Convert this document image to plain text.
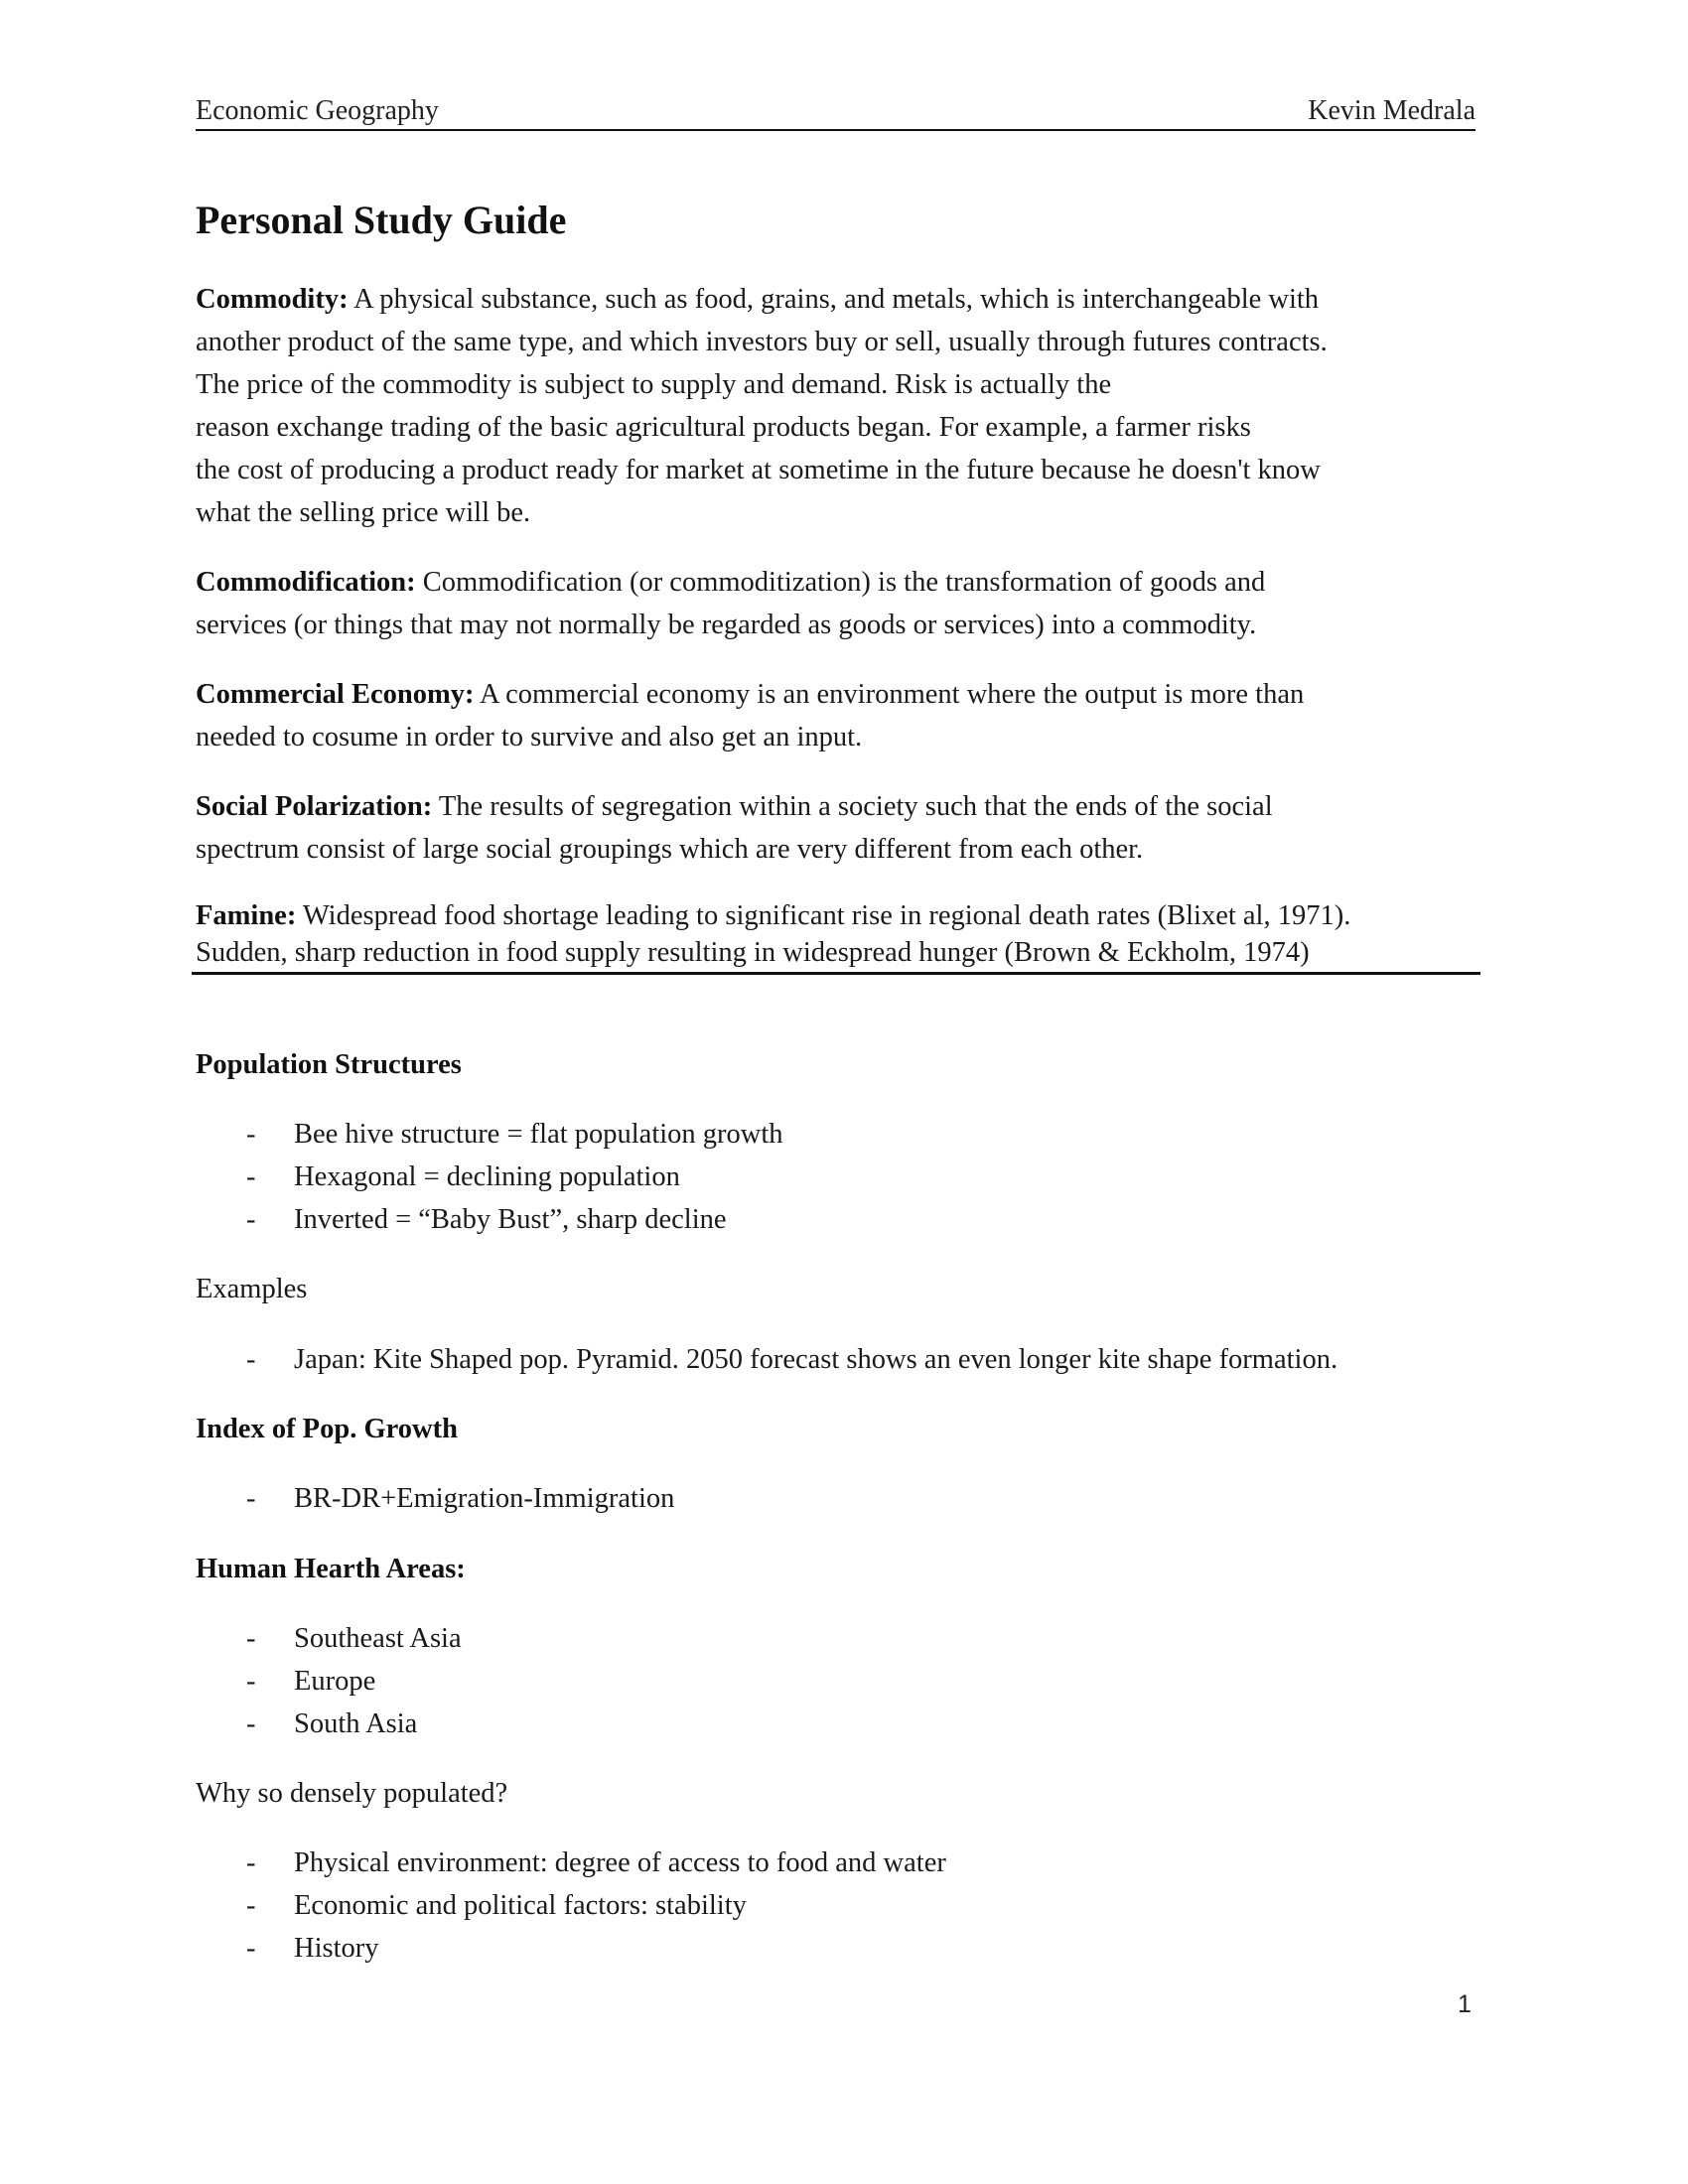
Economic Geography	Kevin Medrala
Personal Study Guide

Commodity: A physical substance, such as food, grains, and metals, which is interchangeable with
another product of the same type, and which investors buy or sell, usually through futures contracts.
The price of the commodity is subject to supply and demand. Risk is actually the
reason exchange trading of the basic agricultural products began. For example, a farmer risks
the cost of producing a product ready for market at sometime in the future because he doesn't know
what the selling price will be.

Commodification: Commodification (or commoditization) is the transformation of goods and
services (or things that may not normally be regarded as goods or services) into a commodity.

Commercial Economy: A commercial economy is an environment where the output is more than
needed to cosume in order to survive and also get an input.

Social Polarization: The results of segregation within a society such that the ends of the social
spectrum consist of large social groupings which are very different from each other.

Famine: Widespread food shortage leading to significant rise in regional death rates (Blixet al, 1971).
Sudden, sharp reduction in food supply resulting in widespread hunger (Brown & Eckholm, 1974)

Population Structures
- Bee hive structure = flat population growth
- Hexagonal = declining population
- Inverted = “Baby Bust”, sharp decline
Examples
- Japan: Kite Shaped pop. Pyramid. 2050 forecast shows an even longer kite shape formation.
Index of Pop. Growth
- BR-DR+Emigration-Immigration
Human Hearth Areas:
- Southeast Asia
- Europe
- South Asia
Why so densely populated?
- Physical environment: degree of access to food and water
- Economic and political factors: stability
- History
1
